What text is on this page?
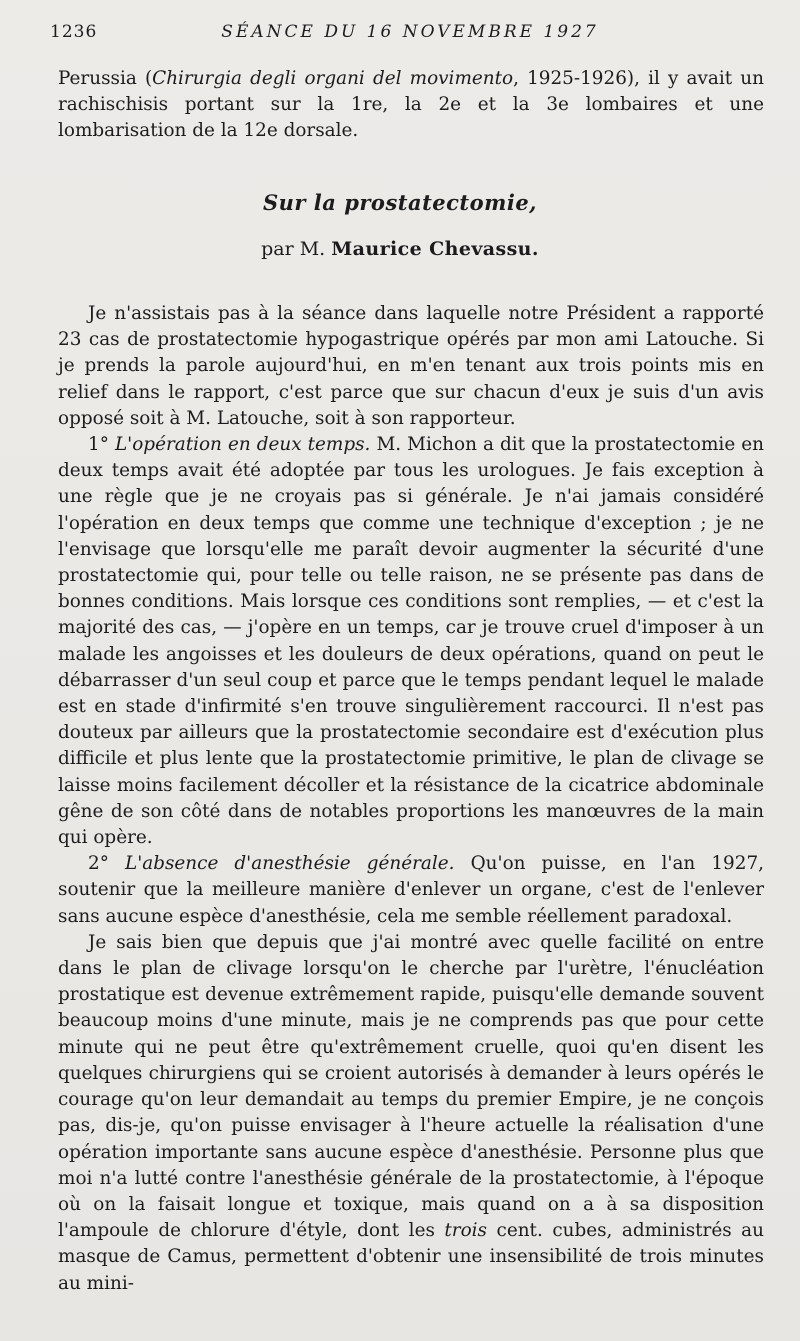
1236	SÉANCE DU 16 NOVEMBRE 1927

Perussia (Chirurgia degli organi del movimento, 1925-1926), il y avait un rachischisis portant sur la 1re, la 2e et la 3e lombaires et une lombarisation de la 12e dorsale.

Sur la prostatectomie,
par M. Maurice Chevassu.

Je n'assistais pas à la séance dans laquelle notre Président a rapporté 23 cas de prostatectomie hypogastrique opérés par mon ami Latouche. Si je prends la parole aujourd'hui, en m'en tenant aux trois points mis en relief dans le rapport, c'est parce que sur chacun d'eux je suis d'un avis opposé soit à M. Latouche, soit à son rapporteur.

1° L'opération en deux temps. M. Michon a dit que la prostatectomie en deux temps avait été adoptée par tous les urologues. Je fais exception à une règle que je ne croyais pas si générale. Je n'ai jamais considéré l'opération en deux temps que comme une technique d'exception ; je ne l'envisage que lorsqu'elle me paraît devoir augmenter la sécurité d'une prostatectomie qui, pour telle ou telle raison, ne se présente pas dans de bonnes conditions. Mais lorsque ces conditions sont remplies, — et c'est la majorité des cas, — j'opère en un temps, car je trouve cruel d'imposer à un malade les angoisses et les douleurs de deux opérations, quand on peut le débarrasser d'un seul coup et parce que le temps pendant lequel le malade est en stade d'infirmité s'en trouve singulièrement raccourci. Il n'est pas douteux par ailleurs que la prostatectomie secondaire est d'exécution plus difficile et plus lente que la prostatectomie primitive, le plan de clivage se laisse moins facilement décoller et la résistance de la cicatrice abdominale gêne de son côté dans de notables proportions les manœuvres de la main qui opère.

2° L'absence d'anesthésie générale. Qu'on puisse, en l'an 1927, soutenir que la meilleure manière d'enlever un organe, c'est de l'enlever sans aucune espèce d'anesthésie, cela me semble réellement paradoxal.

Je sais bien que depuis que j'ai montré avec quelle facilité on entre dans le plan de clivage lorsqu'on le cherche par l'urètre, l'énucléation prostatique est devenue extrêmement rapide, puisqu'elle demande souvent beaucoup moins d'une minute, mais je ne comprends pas que pour cette minute qui ne peut être qu'extrêmement cruelle, quoi qu'en disent les quelques chirurgiens qui se croient autorisés à demander à leurs opérés le courage qu'on leur demandait au temps du premier Empire, je ne conçois pas, dis-je, qu'on puisse envisager à l'heure actuelle la réalisation d'une opération importante sans aucune espèce d'anesthésie. Personne plus que moi n'a lutté contre l'anesthésie générale de la prostatectomie, à l'époque où on la faisait longue et toxique, mais quand on a à sa disposition l'ampoule de chlorure d'étyle, dont les trois cent. cubes, administrés au masque de Camus, permettent d'obtenir une insensibilité de trois minutes au mini-
